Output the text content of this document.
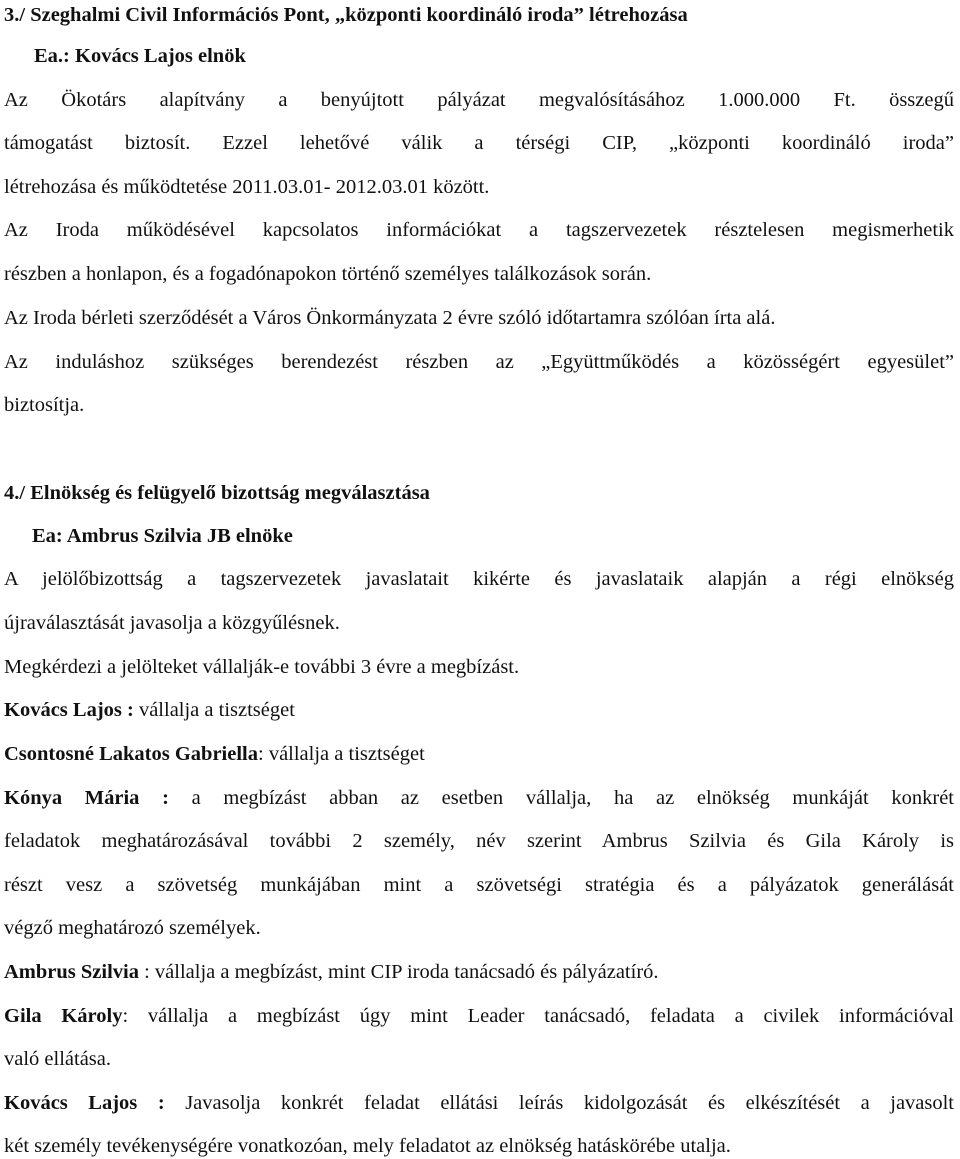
3./ Szeghalmi Civil Információs Pont, „központi koordináló iroda” létrehozása
Ea.: Kovács Lajos elnök
Az Ökotárs alapítvány a benyújtott pályázat megvalósításához 1.000.000 Ft. összegű
támogatást biztosít. Ezzel lehetővé válik a térségi CIP, „központi koordináló iroda”
létrehozása és működtetése 2011.03.01- 2012.03.01 között.
Az Iroda működésével kapcsolatos információkat a tagszervezetek résztelesen megismerhetik
részben a honlapon, és a fogadónapokon történő személyes találkozások során.
Az Iroda bérleti szerződését a Város Önkormányzata 2 évre szóló időtartamra szólóan írta alá.
Az induláshoz szükséges berendezést részben az „Együttműködés a közösségért egyesület”
biztosítja.
4./ Elnökség és felügyelő bizottság megválasztása
Ea: Ambrus Szilvia JB elnöke
A jelölőbizottság a tagszervezetek javaslatait kikérte és javaslataik alapján a régi elnökség
újraválasztását javasolja a közgyűlésnek.
Megkérdezi a jelölteket vállalják-e további 3 évre a megbízást.
Kovács Lajos : vállalja a tisztséget
Csontosné Lakatos Gabriella: vállalja a tisztséget
Kónya Mária : a megbízást abban az esetben vállalja, ha az elnökség munkáját konkrét
feladatok meghatározásával további 2 személy, név szerint Ambrus Szilvia és Gila Károly is
részt vesz a szövetség munkájában mint a szövetségi stratégia és a pályázatok generálását
végző meghatározó személyek.
Ambrus Szilvia : vállalja a megbízást, mint CIP iroda tanácsadó és pályázatíró.
Gila Károly: vállalja a megbízást úgy mint Leader tanácsadó, feladata a civilek információval
való ellátása.
Kovács Lajos : Javasolja konkrét feladat ellátási leírás kidolgozását és elkészítését a javasolt
két személy tevékenységére vonatkozóan, mely feladatot az elnökség hatáskörébe utalja.
